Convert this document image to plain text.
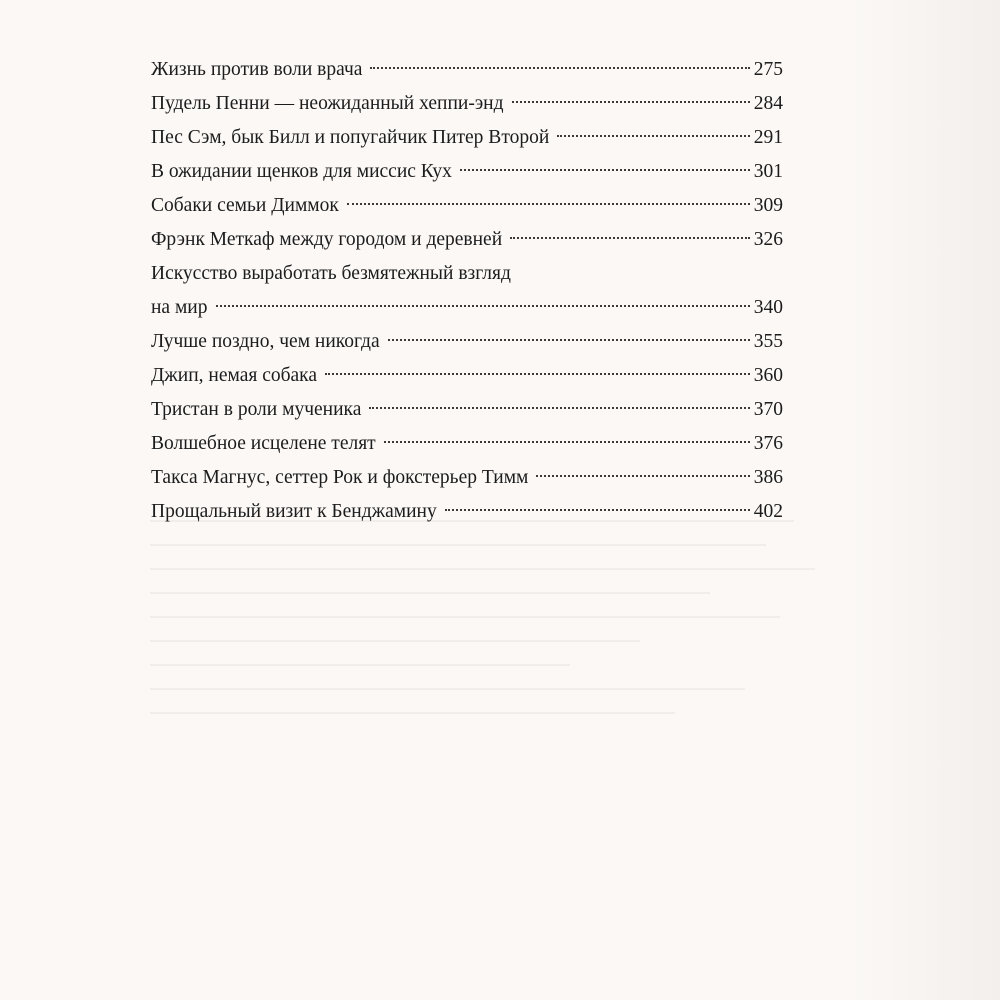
Жизнь против воли врача	275
Пудель Пенни — неожиданный хеппи-энд	284
Пес Сэм, бык Билл и попугайчик Питер Второй	291
В ожидании щенков для миссис Кух	301
Собаки семьи Диммок	309
Фрэнк Меткаф между городом и деревней	326
Искусство выработать безмятежный взгляд
на мир	340
Лучше поздно, чем никогда	355
Джип, немая собака	360
Тристан в роли мученика	370
Волшебное исцелене телят	376
Такса Магнус, сеттер Рок и фокстерьер Тимм	386
Прощальный визит к Бенджамину	402
